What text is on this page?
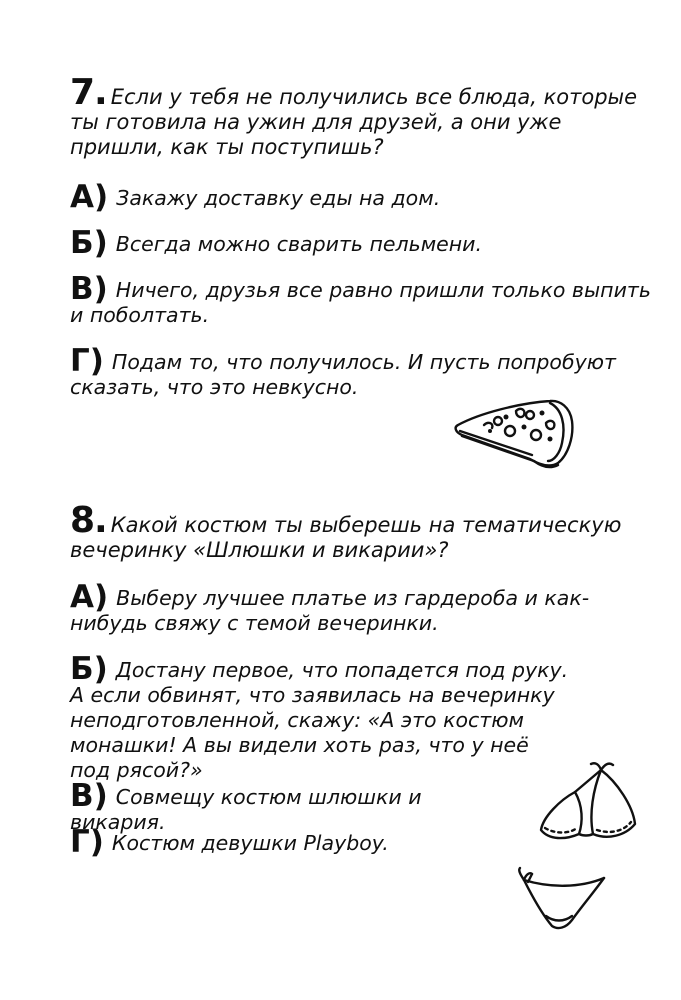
7. Если у тебя не получились все блюда, которые ты готовила на ужин для друзей, а они уже пришли, как ты поступишь?
А) Закажу доставку еды на дом.
Б) Всегда можно сварить пельмени.
В) Ничего, друзья все равно пришли только выпить и поболтать.
Г) Подам то, что получилось. И пусть попробуют сказать, что это невкусно.
8. Какой костюм ты выберешь на тематическую вечеринку «Шлюшки и викарии»?
А) Выберу лучшее платье из гардероба и как-нибудь свяжу с темой вечеринки.
Б) Достану первое, что попадется под руку. А если обвинят, что заявилась на вечеринку неподготовленной, скажу: «А это костюм монашки! А вы видели хоть раз, что у неё под рясой?»
В) Совмещу костюм шлюшки и викария.
Г) Костюм девушки Playboy.
